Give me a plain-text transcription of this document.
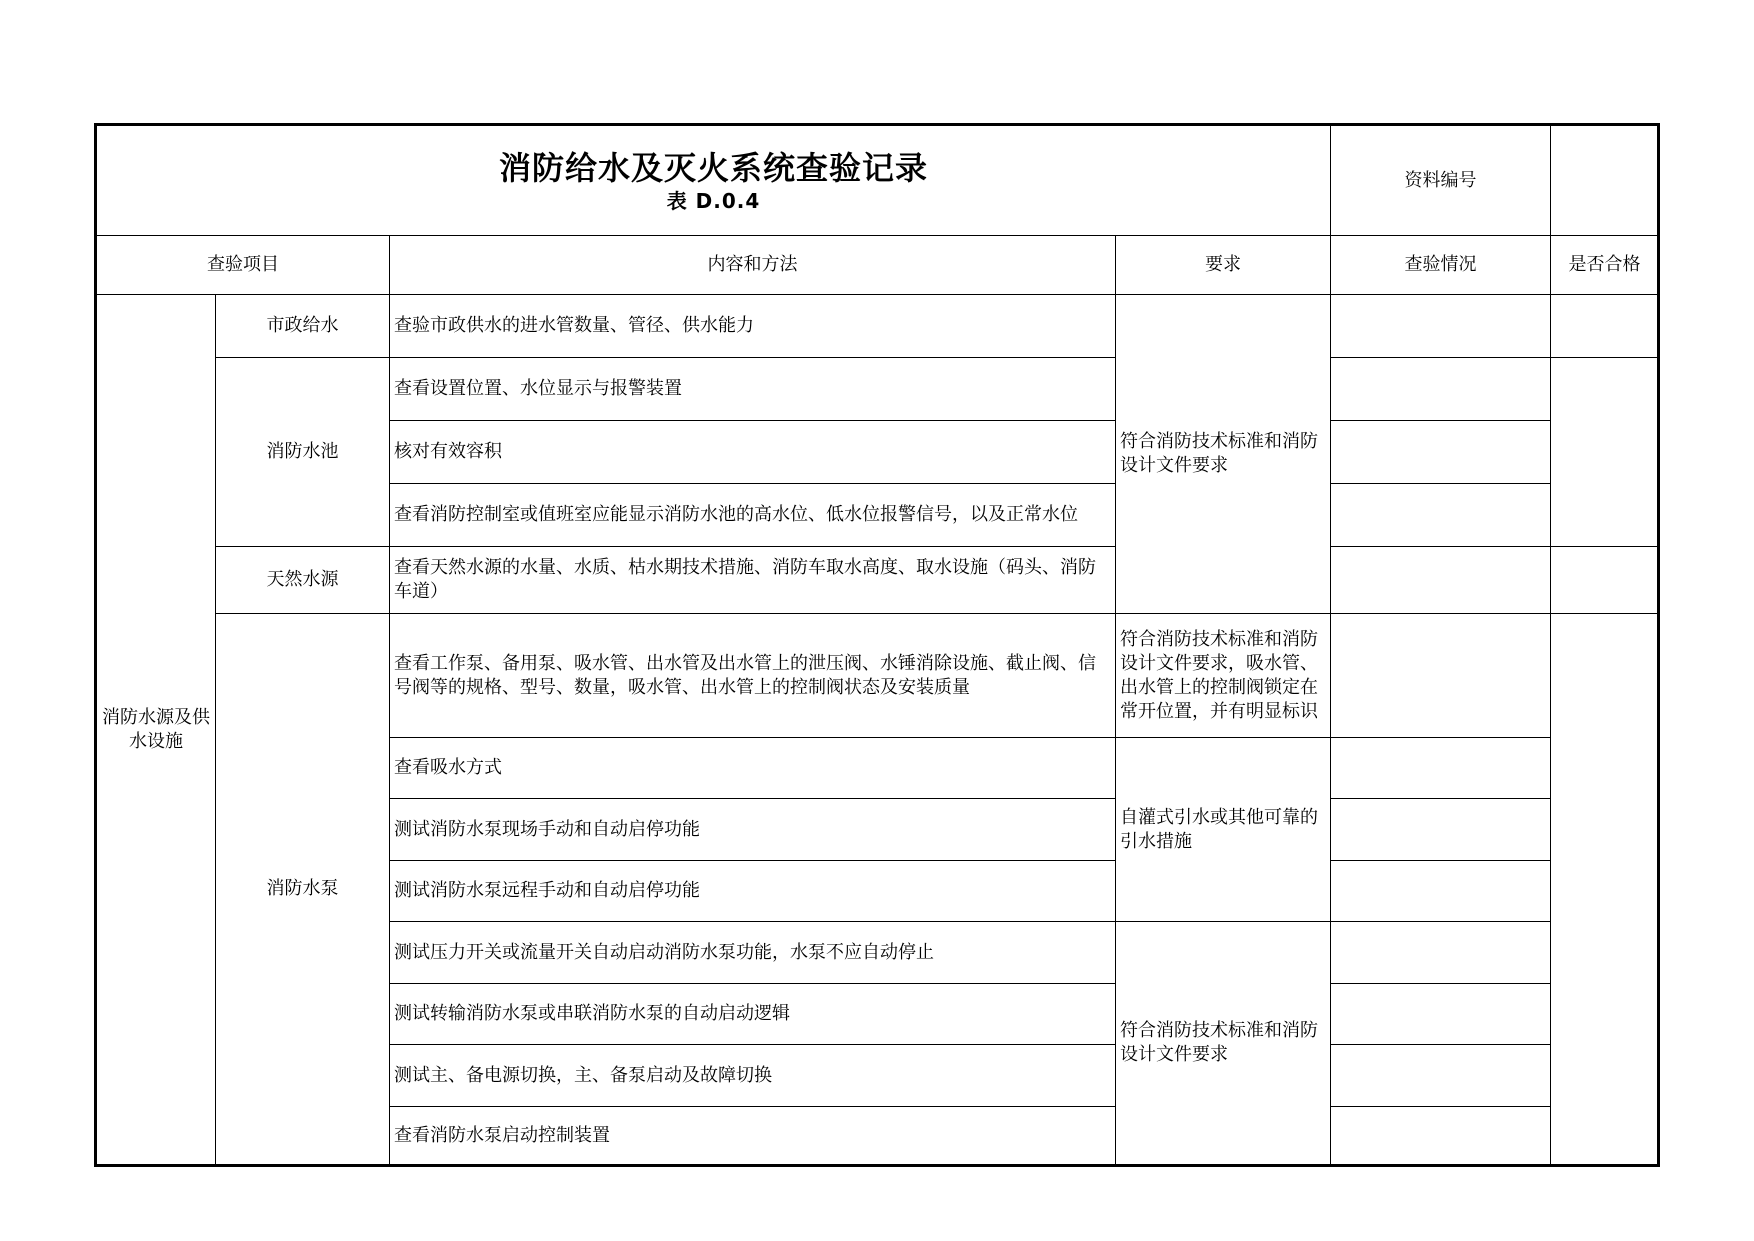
消防给水及灭火系统查验记录
表 D.0.4				资料编号	
查验项目		内容和方法	要求	查验情况	是否合格
消防水源及供水设施	市政给水	查验市政供水的进水管数量、管径、供水能力	符合消防技术标准和消防设计文件要求		
	消防水池	查看设置位置、水位显示与报警装置			
		核对有效容积			
		查看消防控制室或值班室应能显示消防水池的高水位、低水位报警信号，以及正常水位			
	天然水源	查看天然水源的水量、水质、枯水期技术措施、消防车取水高度、取水设施（码头、消防车道）			
	消防水泵	查看工作泵、备用泵、吸水管、出水管及出水管上的泄压阀、水锤消除设施、截止阀、信号阀等的规格、型号、数量，吸水管、出水管上的控制阀状态及安装质量	符合消防技术标准和消防设计文件要求，吸水管、出水管上的控制阀锁定在常开位置，并有明显标识		
		查看吸水方式	自灌式引水或其他可靠的引水措施		
		测试消防水泵现场手动和自动启停功能			
		测试消防水泵远程手动和自动启停功能			
		测试压力开关或流量开关自动启动消防水泵功能，水泵不应自动停止	符合消防技术标准和消防设计文件要求		
		测试转输消防水泵或串联消防水泵的自动启动逻辑			
		测试主、备电源切换，主、备泵启动及故障切换			
		查看消防水泵启动控制装置			
